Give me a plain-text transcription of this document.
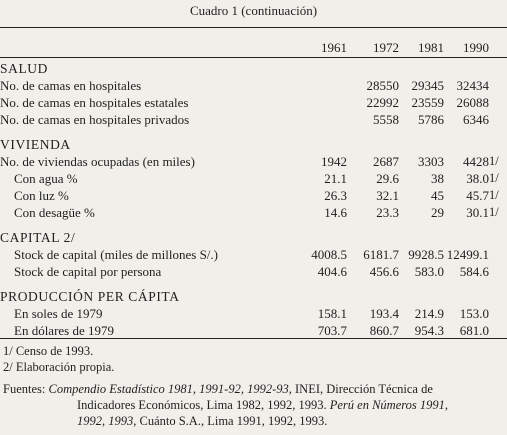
Cuadro 1 (continuación)
1961	1972	1981	1990
SALUD					
No. de camas en hospitales		28550	29345	32434	
No. de camas en hospitales estatales		22992	23559	26088	
No. de camas en hospitales privados		5558	5786	6346	

VIVIENDA					
No. de viviendas ocupadas (en miles)	1942	2687	3303	4428	1/
Con agua %	21.1	29.6	38	38.0	1/
Con luz %	26.3	32.1	45	45.7	1/
Con desagüe %	14.6	23.3	29	30.1	1/

CAPITAL 2/					
Stock de capital (miles de millones S/.)	4008.5	6181.7	9928.5	12499.1	
Stock de capital por persona	404.6	456.6	583.0	584.6	

PRODUCCIÓN PER CÁPITA					
En soles de 1979	158.1	193.4	214.9	153.0	
En dólares de 1979	703.7	860.7	954.3	681.0	
1/ Censo de 1993.
2/ Elaboración propia.
Fuentes: Compendio Estadístico 1981, 1991-92, 1992-93, INEI, Dirección Técnica de
Indicadores Económicos, Lima 1982, 1992, 1993. Perú en Números 1991,
1992, 1993, Cuánto S.A., Lima 1991, 1992, 1993.
